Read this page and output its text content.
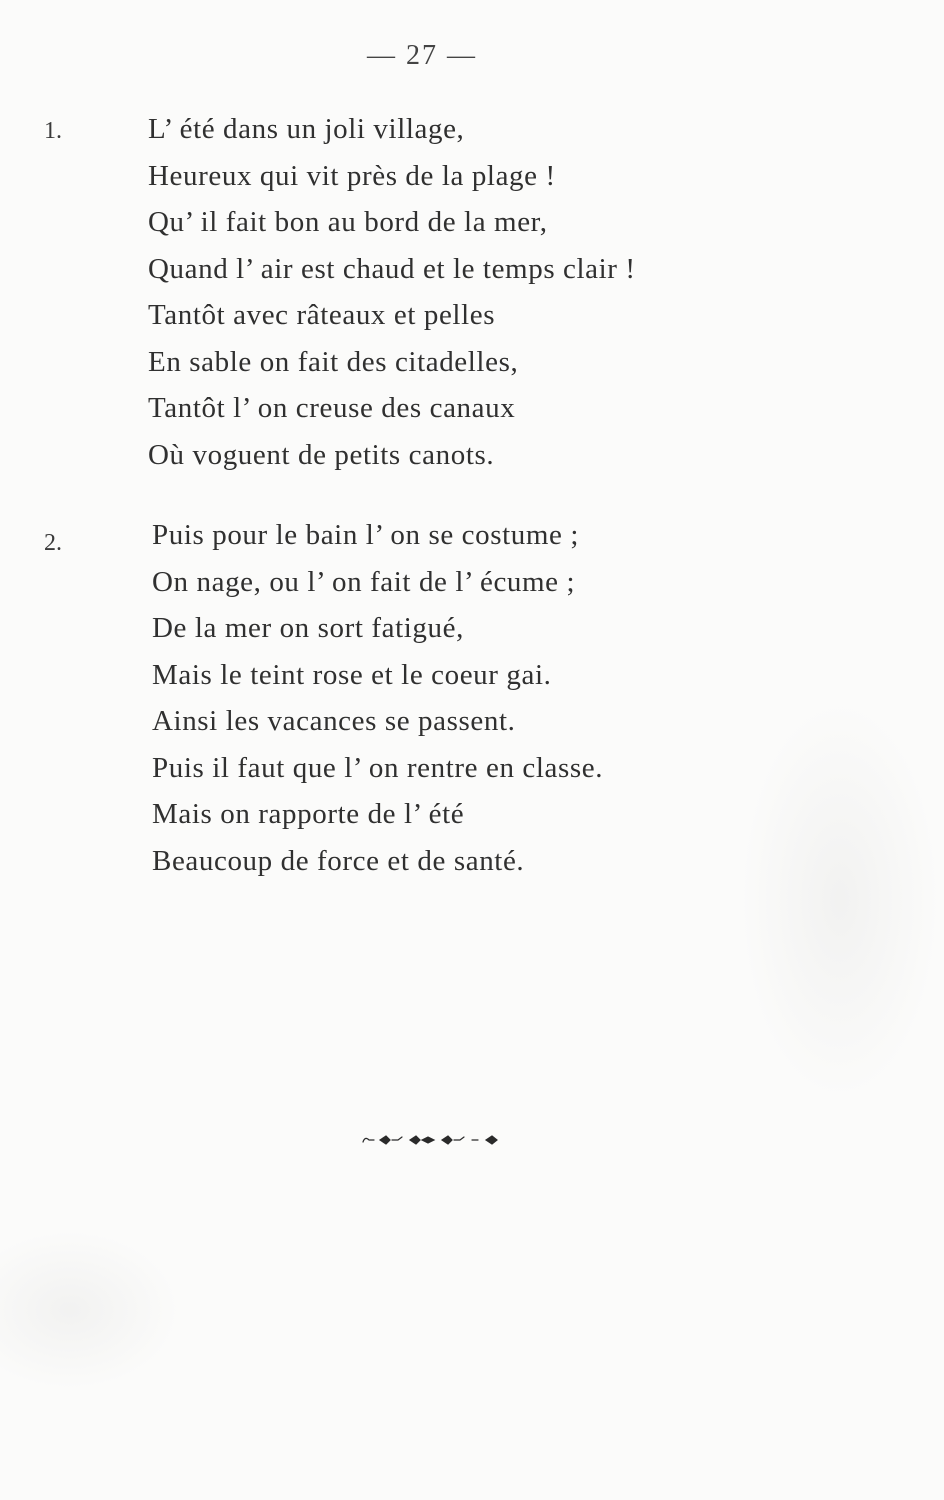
— 27 —
1.	L’ été dans un joli village,
Heureux qui vit près de la plage !
Qu’ il fait bon au bord de la mer,
Quand l’ air est chaud et le temps clair !
Tantôt avec râteaux et pelles
En sable on fait des citadelles,
Tantôt l’ on creuse des canaux
Où voguent de petits canots.
2.	Puis pour le bain l’ on se costume ;
On nage, ou l’ on fait de l’ écume ;
De la mer on sort fatigué,
Mais le teint rose et le coeur gai.
Ainsi les vacances se passent.
Puis il faut que l’ on rentre en classe.
Mais on rapporte de l’ été
Beaucoup de force et de santé.
